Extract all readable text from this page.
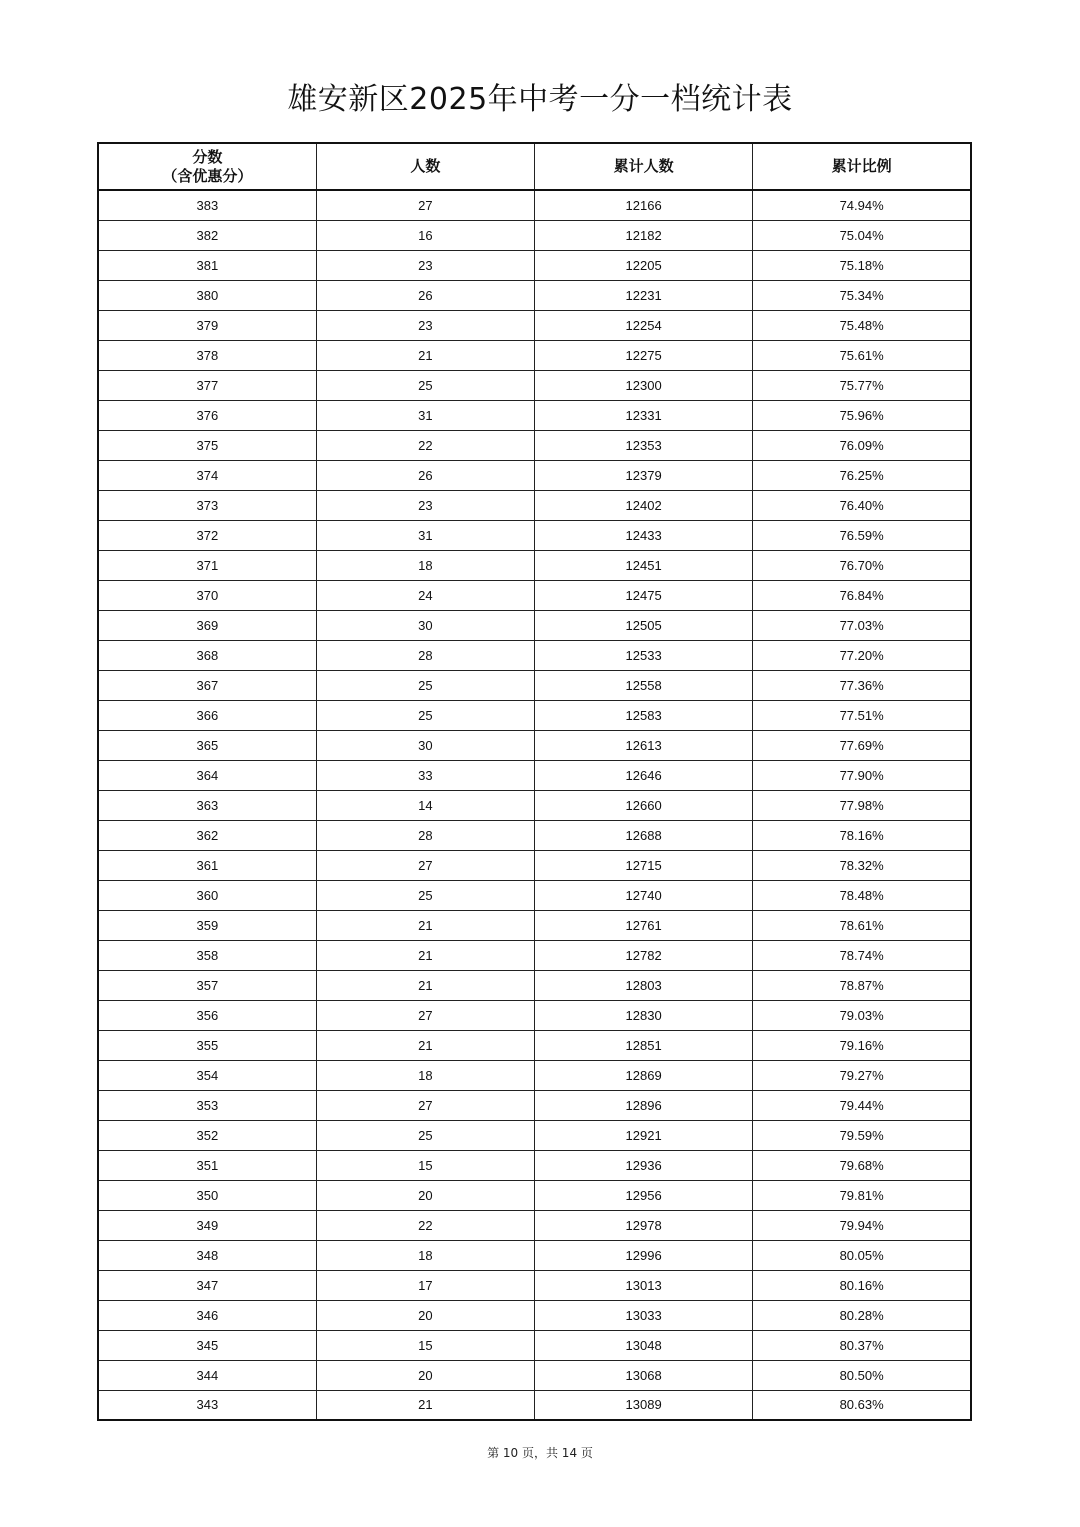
雄安新区2025年中考一分一档统计表
分数
（含优惠分）	人数	累计人数	累计比例
383	27	12166	74.94%
382	16	12182	75.04%
381	23	12205	75.18%
380	26	12231	75.34%
379	23	12254	75.48%
378	21	12275	75.61%
377	25	12300	75.77%
376	31	12331	75.96%
375	22	12353	76.09%
374	26	12379	76.25%
373	23	12402	76.40%
372	31	12433	76.59%
371	18	12451	76.70%
370	24	12475	76.84%
369	30	12505	77.03%
368	28	12533	77.20%
367	25	12558	77.36%
366	25	12583	77.51%
365	30	12613	77.69%
364	33	12646	77.90%
363	14	12660	77.98%
362	28	12688	78.16%
361	27	12715	78.32%
360	25	12740	78.48%
359	21	12761	78.61%
358	21	12782	78.74%
357	21	12803	78.87%
356	27	12830	79.03%
355	21	12851	79.16%
354	18	12869	79.27%
353	27	12896	79.44%
352	25	12921	79.59%
351	15	12936	79.68%
350	20	12956	79.81%
349	22	12978	79.94%
348	18	12996	80.05%
347	17	13013	80.16%
346	20	13033	80.28%
345	15	13048	80.37%
344	20	13068	80.50%
343	21	13089	80.63%
第 10 页，共 14 页
